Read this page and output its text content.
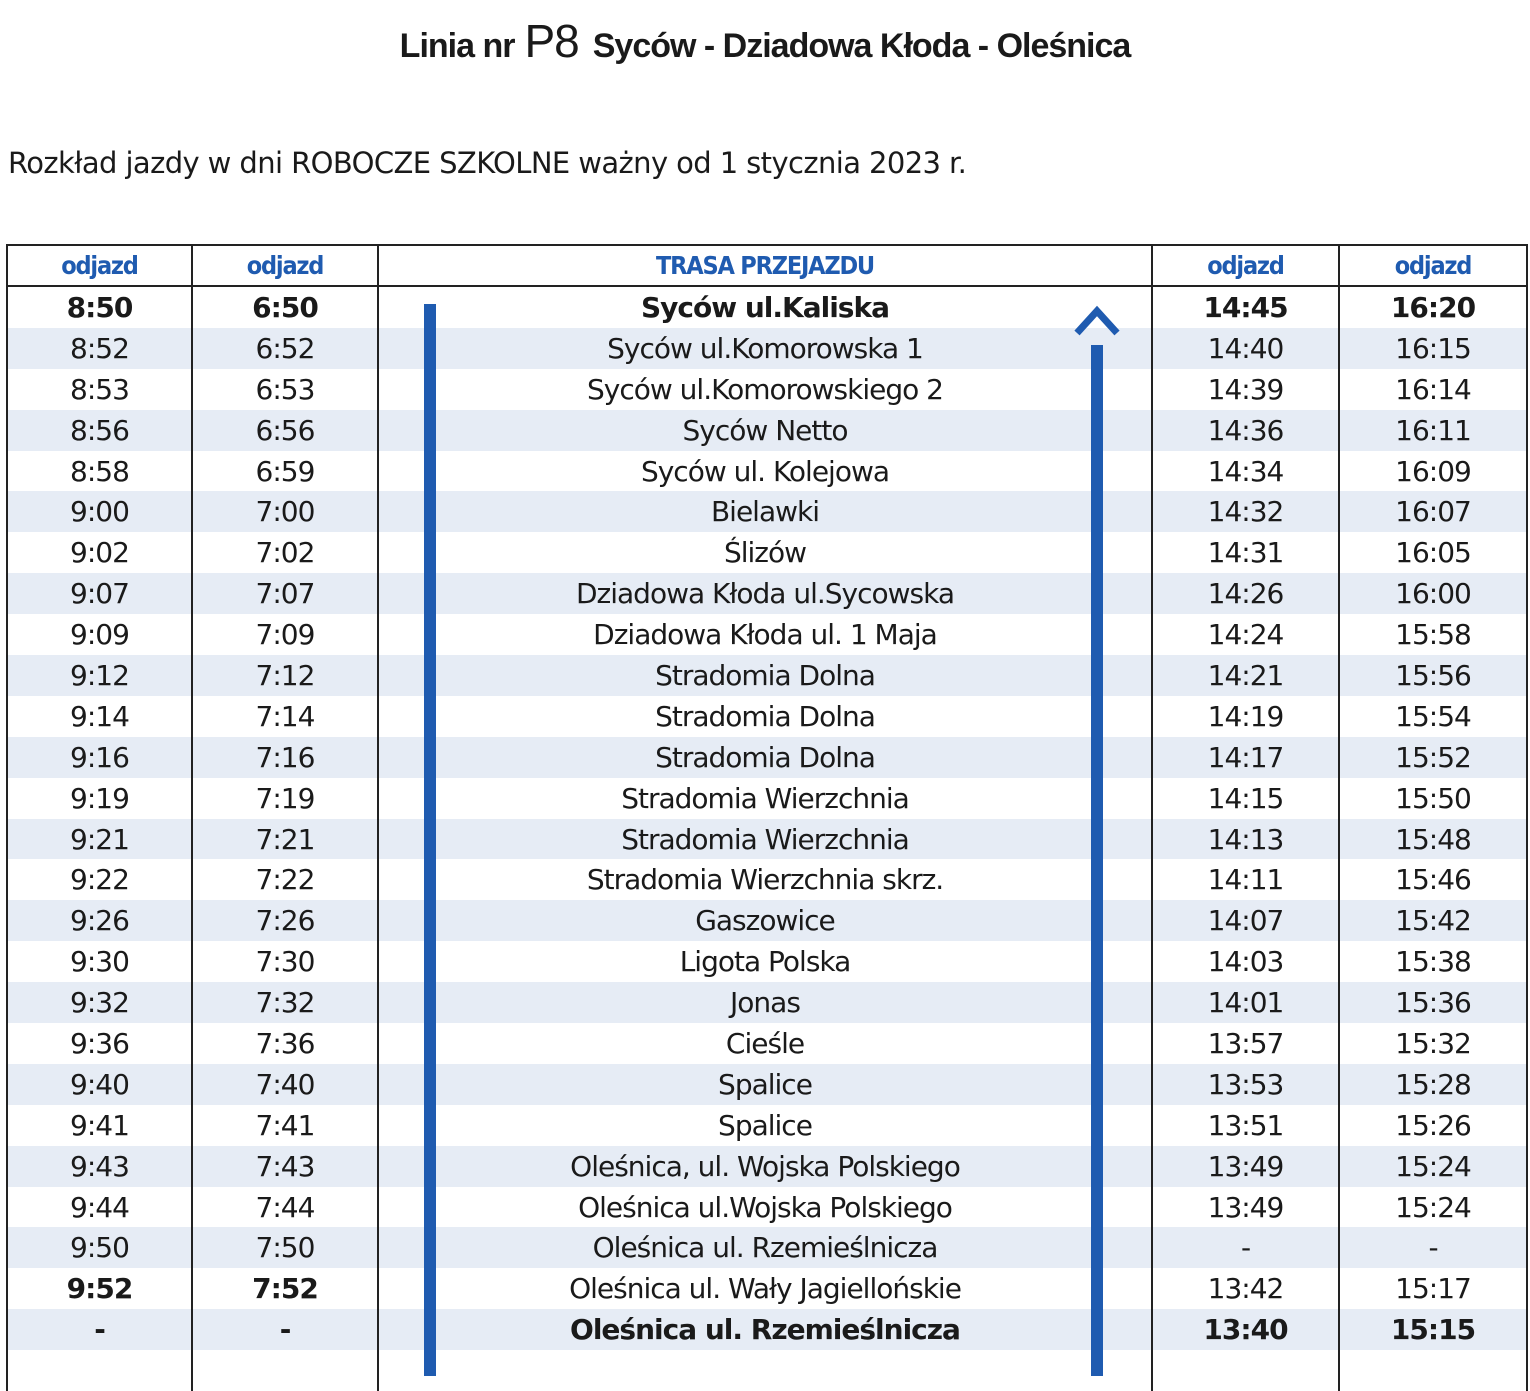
Linia nr P8 Syców - Dziadowa Kłoda - Oleśnica
Rozkład jazdy w dni ROBOCZE SZKOLNE ważny od 1 stycznia 2023 r.
odjazd	odjazd	TRASA PRZEJAZDU	odjazd	odjazd
8:50	6:50	Syców ul.Kaliska	14:45	16:20
8:52	6:52	Syców ul.Komorowska 1	14:40	16:15
8:53	6:53	Syców ul.Komorowskiego 2	14:39	16:14
8:56	6:56	Syców Netto	14:36	16:11
8:58	6:59	Syców ul. Kolejowa	14:34	16:09
9:00	7:00	Bielawki	14:32	16:07
9:02	7:02	Ślizów	14:31	16:05
9:07	7:07	Dziadowa Kłoda ul.Sycowska	14:26	16:00
9:09	7:09	Dziadowa Kłoda ul. 1 Maja	14:24	15:58
9:12	7:12	Stradomia Dolna	14:21	15:56
9:14	7:14	Stradomia Dolna	14:19	15:54
9:16	7:16	Stradomia Dolna	14:17	15:52
9:19	7:19	Stradomia Wierzchnia	14:15	15:50
9:21	7:21	Stradomia Wierzchnia	14:13	15:48
9:22	7:22	Stradomia Wierzchnia skrz.	14:11	15:46
9:26	7:26	Gaszowice	14:07	15:42
9:30	7:30	Ligota Polska	14:03	15:38
9:32	7:32	Jonas	14:01	15:36
9:36	7:36	Cieśle	13:57	15:32
9:40	7:40	Spalice	13:53	15:28
9:41	7:41	Spalice	13:51	15:26
9:43	7:43	Oleśnica, ul. Wojska Polskiego	13:49	15:24
9:44	7:44	Oleśnica ul.Wojska Polskiego	13:49	15:24
9:50	7:50	Oleśnica ul. Rzemieślnicza	-	-
9:52	7:52	Oleśnica ul. Wały Jagiellońskie	13:42	15:17
-	-	Oleśnica ul. Rzemieślnicza	13:40	15:15
